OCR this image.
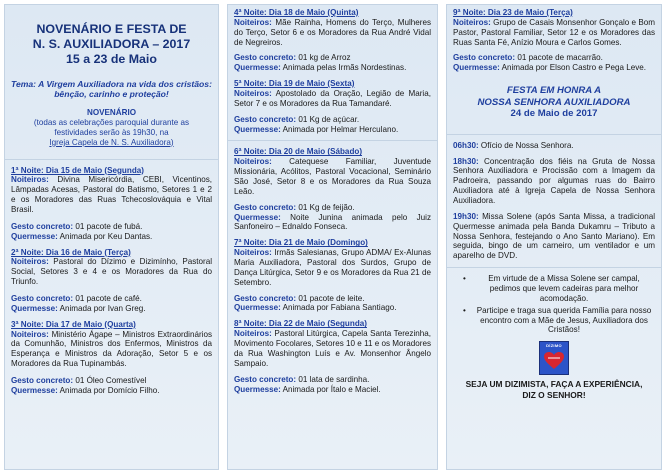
NOVENÁRIO E FESTA DE
N. S. AUXILIADORA – 2017
15 a 23 de Maio
Tema: A Virgem Auxiliadora na vida dos cristãos:
bênção, carinho e proteção!
NOVENÁRIO
(todas as celebrações paroquial durante as
festividades serão às 19h30, na
Igreja Capela de N. S. Auxiliadora)
1ª Noite: Dia 15 de Maio (Segunda)
Noiteiros: Divina Misericórdia, CEBI, Vicentinos, Lâmpadas Acesas, Pastoral do Batismo, Setores 1 e 2 e os Moradores das Ruas Tchecoslováquia e Vital Brasil.
Gesto concreto: 01 pacote de fubá.
Quermesse: Animada por Keu Dantas.
2ª Noite: Dia 16 de Maio (Terça)
Noiteiros: Pastoral do Dízimo e Dizimínho, Pastoral Social, Setores 3 e 4 e os Moradores da Rua do Triunfo.
Gesto concreto: 01 pacote de café.
Quermesse: Animada por Ivan Greg.
3ª Noite: Dia 17 de Maio (Quarta)
Noiteiros: Ministério Ágape – Ministros Extraordinários da Comunhão, Ministros dos Enfermos, Ministros da Esperança e Ministros da Adoração, Setor 5 e os Moradores da Rua Tupinambás.
Gesto concreto: 01 Óleo Comestível
Quermesse: Animada por Domício Filho.
4ª Noite: Dia 18 de Maio (Quinta)
Noiteiros: Mãe Rainha, Homens do Terço, Mulheres do Terço, Setor 6 e os Moradores da Rua André Vidal de Negreiros.
Gesto concreto: 01 kg de Arroz
Quermesse: Animada pelas Irmãs Nordestinas.
5ª Noite: Dia 19 de Maio (Sexta)
Noiteiros: Apostolado da Oração, Legião de Maria, Setor 7 e os Moradores da Rua Tamandaré.
Gesto concreto: 01 Kg de açúcar.
Quermesse: Animada por Helmar Herculano.
6ª Noite: Dia 20 de Maio (Sábado)
Noiteiros: Catequese Familiar, Juventude Missionária, Acólitos, Pastoral Vocacional, Seminário São José, Setor 8 e os Moradores da Rua Souza Leão.
Gesto concreto: 01 Kg de feijão.
Quermesse: Noite Junina animada pelo Juiz Sanfoneiro – Ednaldo Fonseca.
7ª Noite: Dia 21 de Maio (Domingo)
Noiteiros: Irmãs Salesianas, Grupo ADMA/ Ex-Alunas Maria Auxiliadora, Pastoral dos Surdos, Grupo de Dança Litúrgica, Setor 9 e os Moradores da Rua 21 de Setembro.
Gesto concreto: 01 pacote de leite.
Quermesse: Animada por Fabiana Santiago.
8ª Noite: Dia 22 de Maio (Segunda)
Noiteiros: Pastoral Litúrgica, Capela Santa Terezinha, Movimento Focolares, Setores 10 e 11 e os Moradores da Rua Washington Luís e Av. Monsenhor Ângelo Sampaio.
Gesto concreto: 01 lata de sardinha.
Quermesse: Animada por Ítalo e Maciel.
9ª Noite: Dia 23 de Maio (Terça)
Noiteiros: Grupo de Casais Monsenhor Gonçalo e Bom Pastor, Pastoral Familiar, Setor 12 e os Moradores das Ruas Santa Fé, Anízio Moura e Carlos Gomes.
Gesto concreto: 01 pacote de macarrão.
Quermesse: Animada por Elson Castro e Pega Leve.
FESTA EM HONRA A
NOSSA SENHORA AUXILIADORA
24 de Maio de 2017
06h30: Ofício de Nossa Senhora.
18h30: Concentração dos fiéis na Gruta de Nossa Senhora Auxiliadora e Procissão com a Imagem da Padroeira, passando por algumas ruas do Bairro Auxiliadora até à Igreja Capela de Nossa Senhora Auxiliadora.
19h30: Missa Solene (após Santa Missa, a tradicional Quermesse animada pela Banda Dukamru – Tributo a Nossa Senhora, festejando o Ano Santo Mariano). Em seguida, bingo de um carneiro, um ventilador e um aparelho de DVD.
• Em virtude de a Missa Solene ser campal, pedimos que levem cadeiras para melhor acomodação.
• Participe e traga sua querida Família para nosso encontro com a Mãe de Jesus, Auxiliadora dos Cristãos!
DÍZIMO
SEJA UM DIZIMISTA, FAÇA A EXPERIÊNCIA,
DIZ O SENHOR!
